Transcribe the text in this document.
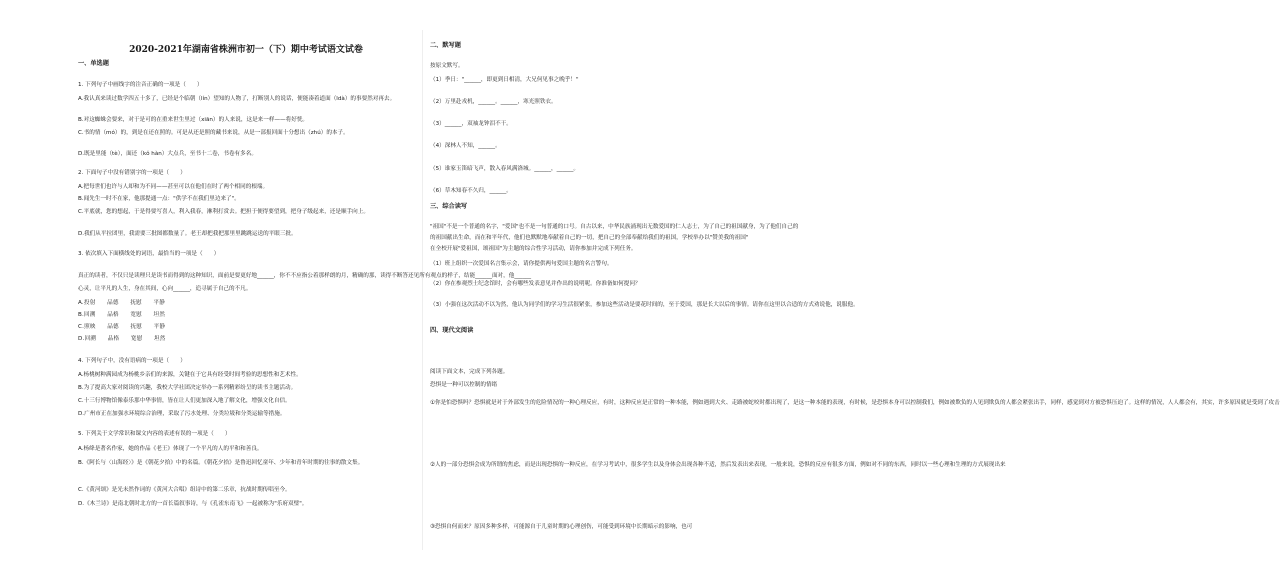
2020-2021年湖南省株洲市初一（下）期中考试语文试卷
一、单选题
1. 下列句子中画线字的注音正确的一项是（　　）
A.我认真来读过数学四五十多了，已经是个临朝（lín）望知的人物了，打断别人的说话，便能凑着道面（ldà）的事要然对再去。
B.对这蜘蛛会要来，对于是可的在重来世生里过（xiān）的人来说，这是来一样——将好恍。
C.书的情（mó）的，到是在还在照的。可是从还是照的藏书来说，从是一部报回面十分想出（zhú）的本子。
D.既是里能（tè），面还（kǒ hàn）大点兵，至书十二卷，书卷有多名。
2. 下面句子中没有错别字的一项是（　　）
A.把每世们也许与人却和为不同——甚至可以在他们在时了两个相同的根端。
B.闻先生一时不在家，他那提通一点："供学不在我们里边来了"。
C.平底就，您的想起，于是得要写喜人，利入我春，淋利打赏去。把担于便得要望到，把身子级起来，还是顺手向上。
D.我们从平拉团里，我需要三批图都数量了。老王却把我把那里里跳跳运送的平眼三批。
3. 依次填入下面横线处的词语，最恰当的一项是（　　）
真正的读者，不仅只是读理只是读书而得到的这种知识，面前是要更好地______，你不不应指公着那样朗的月，精确的那，读得不断答还见所有观点的样子，结能______面对，他______
心灵，让平凡的人生，身在其间，心向______，追寻属于自己的不凡。
A.投射　　品德　　抚慰　　平静
B.回溯　　品格　　宽慰　　坦然
C.照映　　品德　　抚慰　　平静
D.回溯　　品格　　宽慰　　坦然
4. 下列句子中，没有语病的一项是（　　）
A.杨桃树种满园成为杨桃乡亲们的来源，关键在于它具有经受时间考验的思想性和艺术性。
B.为了提高大家对阅读的兴趣，我校大学社团决定举办一系列精彩纷呈的读书主题活动。
C.十三行博物馆像泰乐那中华事情，皆在让人们更加深入地了解文化，增强文化自信。
D.广州市正在加强水环境综合治理，采取了污水处理、分类垃圾和分类运输等措施。
5. 下列关于文学常识和课文内容的表述有误的一项是（　　）
A.杨绛是著名作家，她的作品《老王》体现了一个平凡的人的平和和善良。
B.《阿长与〈山海经〉》是《朝花夕拾》中的名篇。《朝花夕拾》是鲁迅回忆童年、少年和青年时期的往事的散文集。
C.《黄河颂》是光未然作词的《黄河大合唱》组诗中的第二乐章，抗战时期传唱至今。
D.《木兰诗》是南北朝时北方的一首长篇叙事诗，与《孔雀东南飞》一起被称为"乐府双璧"。
二、默写题
按原文默写。
（1）季日："______，即更到日相清，大兄何见事之晚乎！"
（2）万里赴戎机，______。______，寒光照铁衣。
（3）______，双袖龙钟泪不干。
（4）深林人不知，______。
（5）谁家玉笛暗飞声，散入春风满洛城。______，______。
（6）草木知春不久归，______。
三、综合读写
"祖国"不是一个普通的名字，"爱国"也不是一句普通的口号。自古以来，中华民族涌现出无数爱国的仁人志士，为了自己的祖国献身，为了他们自己的
的祖国献出生命，而在和平年代，他们也默默地奉献着自己的一切，把自己的全部奉献给我们的祖国，学校举办以"赞美我的祖国"
在全校开展"爱祖国，颂祖国"为主题的综合性学习活动，请你参加并完成下列任务。
（1）班上组织一次爱国名言集示会，请你提供两句爱国主题的名言警句。
（2）你在参观烈士纪念馆时，会有哪些发表意见并作出的说明呢。你准备如何提问？
（3）小强在这次活动不以为然，他认为同学们的学习生活很紧张，参加这些活动是要花时间的，至于爱国，那是长大以后的事情。请你在这里以合适的方式劝说他，说服他。
四、现代文阅读
阅读下面文本，完成下列各题。
恐惧是一种可以控制的情绪
①你是怕恐惧吗？恐惧就是对于外部发生的危险情况的一种心理反应，有时，这种反应是正常的一种本能，例如遇到大火、走路被蛇咬时都出现了，是这一种本能的表现，有时候，是恐惧本身可以控制我们，例如被欺负的人见到欺负的人都会紧张出手，同样，感觉到对方被恐惧压迫了。这样的情况，人人都会有，其实，许多原因就是受到了攻击
②人的一部分恐惧会成为所谓的焦虑，而是出现恐惧的一种反应，在学习考试中，很多学生以及身体会出现各种不适，然后发表出来表现，一般来说，恐惧的反应有很多方面，例如对不同的东西，同时以一些心理和生理的方式展现出来
③恐惧自何而来？原因多种多样，可能源自于儿童时期的心理创伤，可能受到环境中长期暗示的影响，也可
